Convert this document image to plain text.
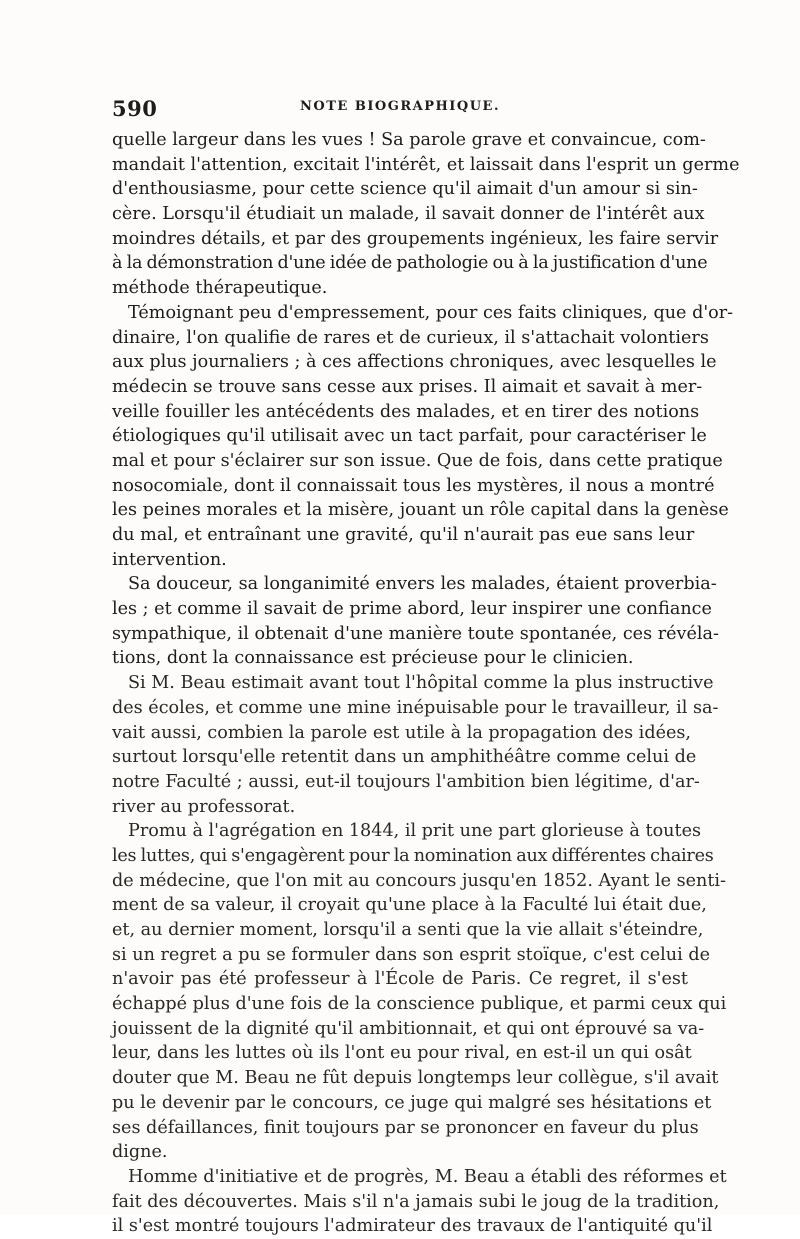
590	NOTE BIOGRAPHIQUE.
quelle largeur dans les vues ! Sa parole grave et convaincue, com-
mandait l'attention, excitait l'intérêt, et laissait dans l'esprit un germe
d'enthousiasme, pour cette science qu'il aimait d'un amour si sin-
cère. Lorsqu'il étudiait un malade, il savait donner de l'intérêt aux
moindres détails, et par des groupements ingénieux, les faire servir
à la démonstration d'une idée de pathologie ou à la justification d'une
méthode thérapeutique.
Témoignant peu d'empressement, pour ces faits cliniques, que d'or-
dinaire, l'on qualifie de rares et de curieux, il s'attachait volontiers
aux plus journaliers ; à ces affections chroniques, avec lesquelles le
médecin se trouve sans cesse aux prises. Il aimait et savait à mer-
veille fouiller les antécédents des malades, et en tirer des notions
étiologiques qu'il utilisait avec un tact parfait, pour caractériser le
mal et pour s'éclairer sur son issue. Que de fois, dans cette pratique
nosocomiale, dont il connaissait tous les mystères, il nous a montré
les peines morales et la misère, jouant un rôle capital dans la genèse
du mal, et entraînant une gravité, qu'il n'aurait pas eue sans leur
intervention.
Sa douceur, sa longanimité envers les malades, étaient proverbia-
les ; et comme il savait de prime abord, leur inspirer une confiance
sympathique, il obtenait d'une manière toute spontanée, ces révéla-
tions, dont la connaissance est précieuse pour le clinicien.
Si M. Beau estimait avant tout l'hôpital comme la plus instructive
des écoles, et comme une mine inépuisable pour le travailleur, il sa-
vait aussi, combien la parole est utile à la propagation des idées,
surtout lorsqu'elle retentit dans un amphithéâtre comme celui de
notre Faculté ; aussi, eut-il toujours l'ambition bien légitime, d'ar-
river au professorat.
Promu à l'agrégation en 1844, il prit une part glorieuse à toutes
les luttes, qui s'engagèrent pour la nomination aux différentes chaires
de médecine, que l'on mit au concours jusqu'en 1852. Ayant le senti-
ment de sa valeur, il croyait qu'une place à la Faculté lui était due,
et, au dernier moment, lorsqu'il a senti que la vie allait s'éteindre,
si un regret a pu se formuler dans son esprit stoïque, c'est celui de
n'avoir pas été professeur à l'École de Paris. Ce regret, il s'est
échappé plus d'une fois de la conscience publique, et parmi ceux qui
jouissent de la dignité qu'il ambitionnait, et qui ont éprouvé sa va-
leur, dans les luttes où ils l'ont eu pour rival, en est-il un qui osât
douter que M. Beau ne fût depuis longtemps leur collègue, s'il avait
pu le devenir par le concours, ce juge qui malgré ses hésitations et
ses défaillances, finit toujours par se prononcer en faveur du plus
digne.
Homme d'initiative et de progrès, M. Beau a établi des réformes et
fait des découvertes. Mais s'il n'a jamais subi le joug de la tradition,
il s'est montré toujours l'admirateur des travaux de l'antiquité qu'il
